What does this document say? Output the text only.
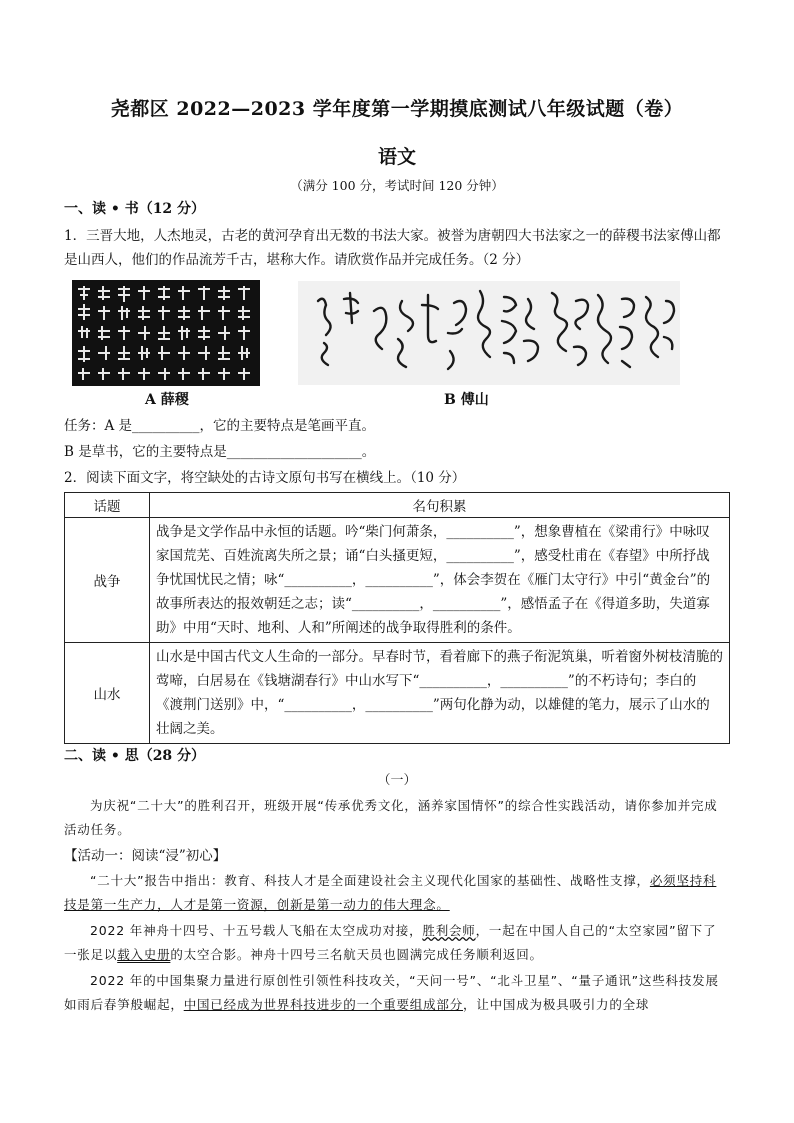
尧都区 2022—2023 学年度第一学期摸底测试八年级试题（卷）
语文
（满分 100 分，考试时间 120 分钟）
一、读 • 书（12 分）
1．三晋大地，人杰地灵，古老的黄河孕育出无数的书法大家。被誉为唐朝四大书法家之一的薛稷书法家傅山都是山西人，他们的作品流芳千古，堪称大作。请欣赏作品并完成任务。（2 分）
A 薛稷	B 傅山
任务：A 是__________，它的主要特点是笔画平直。
B 是草书，它的主要特点是____________________。
2．阅读下面文字，将空缺处的古诗文原句书写在横线上。（10 分）
话题	名句积累
战争	战争是文学作品中永恒的话题。吟“柴门何萧条，__________”，想象曹植在《梁甫行》中咏叹家国荒芜、百姓流离失所之景；诵“白头搔更短，__________”，感受杜甫在《春望》中所抒战争忧国忧民之情；咏“__________，__________”，体会李贺在《雁门太守行》中引“黄金台”的故事所表达的报效朝廷之志；读“__________，__________”，感悟孟子在《得道多助，失道寡助》中用“天时、地利、人和”所阐述的战争取得胜利的条件。
山水	山水是中国古代文人生命的一部分。早春时节，看着廊下的燕子衔泥筑巢，听着窗外树枝清脆的莺啼，白居易在《钱塘湖春行》中山水写下“__________，__________”的不朽诗句；李白的《渡荆门送别》中，“__________，__________”两句化静为动，以雄健的笔力，展示了山水的壮阔之美。
二、读 • 思（28 分）
（一）
为庆祝“二十大”的胜利召开，班级开展“传承优秀文化，涵养家国情怀”的综合性实践活动，请你参加并完成活动任务。
【活动一：阅读“浸”初心】
“二十大”报告中指出：教育、科技人才是全面建设社会主义现代化国家的基础性、战略性支撑，必须坚持科技是第一生产力，人才是第一资源，创新是第一动力的伟大理念。
2022 年神舟十四号、十五号载人飞船在太空成功对接，胜利会师，一起在中国人自己的“太空家园”留下了一张足以载入史册的太空合影。神舟十四号三名航天员也圆满完成任务顺利返回。
2022 年的中国集聚力量进行原创性引领性科技攻关，“天问一号”、“北斗卫星”、“量子通讯”这些科技发展如雨后春笋般崛起，中国已经成为世界科技进步的一个重要组成部分，让中国成为极具吸引力的全球
